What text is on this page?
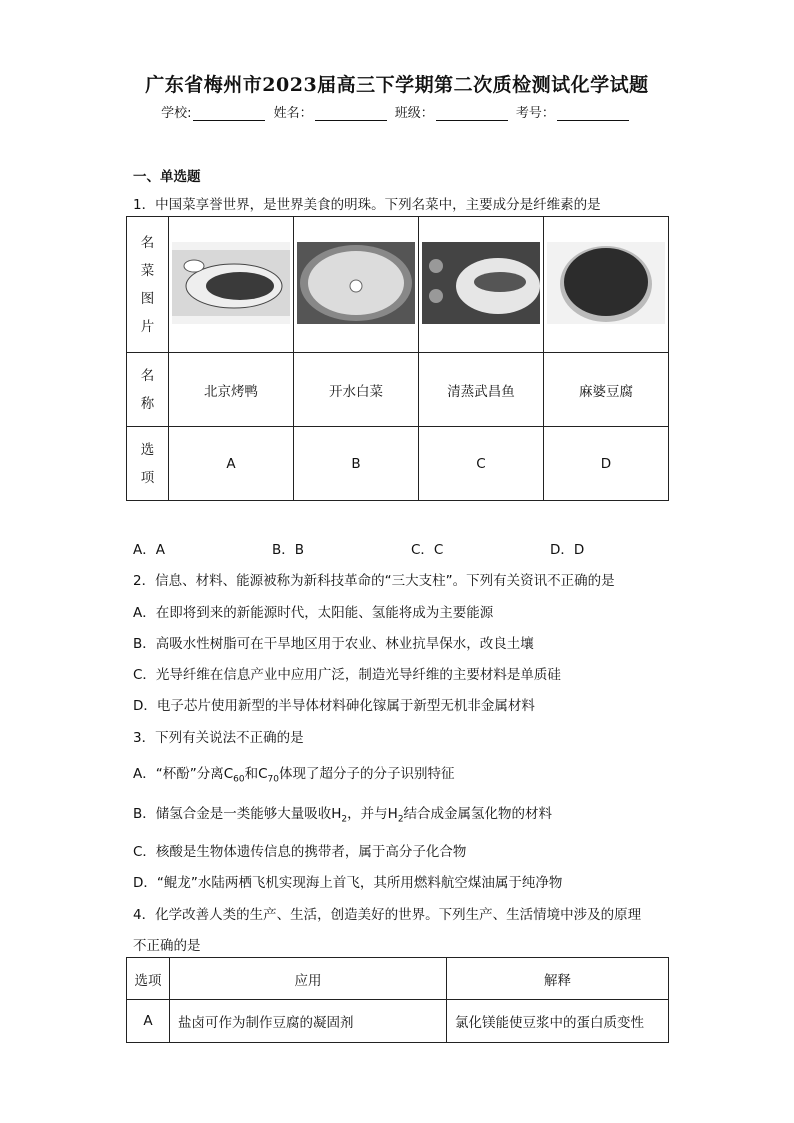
广东省梅州市2023届高三下学期第二次质检测试化学试题
学校:	姓名：	班级：	考号：
一、单选题
1．中国菜享誉世界，是世界美食的明珠。下列名菜中，主要成分是纤维素的是
名菜图片

名称	北京烤鸭	开水白菜	清蒸武昌鱼	麻婆豆腐

选项	A	B	C	D
A．A	B．B	C．C	D．D
2．信息、材料、能源被称为新科技革命的“三大支柱”。下列有关资讯不正确的是
A．在即将到来的新能源时代，太阳能、氢能将成为主要能源
B．高吸水性树脂可在干旱地区用于农业、林业抗旱保水，改良土壤
C．光导纤维在信息产业中应用广泛，制造光导纤维的主要材料是单质硅
D．电子芯片使用新型的半导体材料砷化镓属于新型无机非金属材料
3．下列有关说法不正确的是
A．“杯酚”分离$C_{60}$和$C_{70}$体现了超分子的分子识别特征
B．储氢合金是一类能够大量吸收$H_2$，并与$H_2$结合成金属氢化物的材料
C．核酸是生物体遗传信息的携带者，属于高分子化合物
D．“鲲龙”水陆两栖飞机实现海上首飞，其所用燃料航空煤油属于纯净物
4．化学改善人类的生产、生活，创造美好的世界。下列生产、生活情境中涉及的原理
不正确的是
选项	应用	解释
A	盐卤可作为制作豆腐的凝固剂	氯化镁能使豆浆中的蛋白质变性
